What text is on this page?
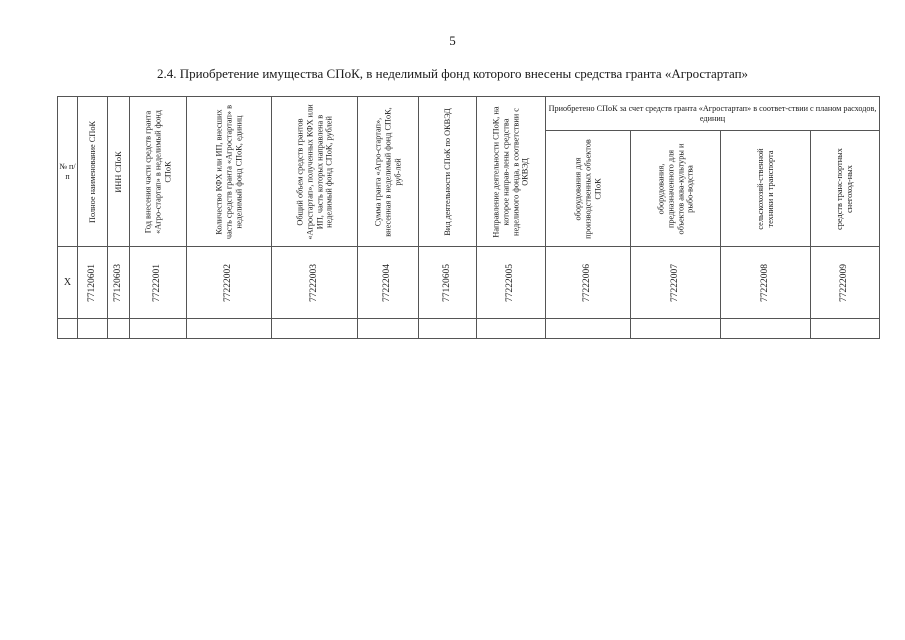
5
2.4. Приобретение имущества СПоК, в неделимый фонд которого внесены средства гранта «Агростартап»
№ п/п	Полное наименование СПоК	ИНН СПоК	Год внесения части средств гранта «Агро-стартап» в неделимый фонд СПоК	Количество КФХ или ИП, внесших часть средств гранта «Агростартап» в неделимый фонд СПоК, единиц	Общий объем средств грантов «Агростартап», полученных КФХ или ИП, часть которых направлена в неделимый фонд СПоК, рублей	Сумма гранта «Агро-стартап», внесенная в неделимый фонд СПоК, руб-лей	Вид деятельности СПоК по ОКВЭД	Направление деятельности СПоК, на которое направ-лены средства неделимого фонда, в соответствии с ОКВЭД	Приобретено СПоК за счет средств гранта «Агростартап» в соответ-ствии с планом расходов, единиц			

									оборудования для производственных объектов СПоК	оборудования, предназначенного для объектов аква-культуры и рыбо-водства	сельскохозяй-ственной техники и транспорта	средств транс-портных снегоход-ных

X	77120601	77120603	77222001	77222002	77222003	77222004	77120605	77222005	77222006	77222007	77222008	77222009
